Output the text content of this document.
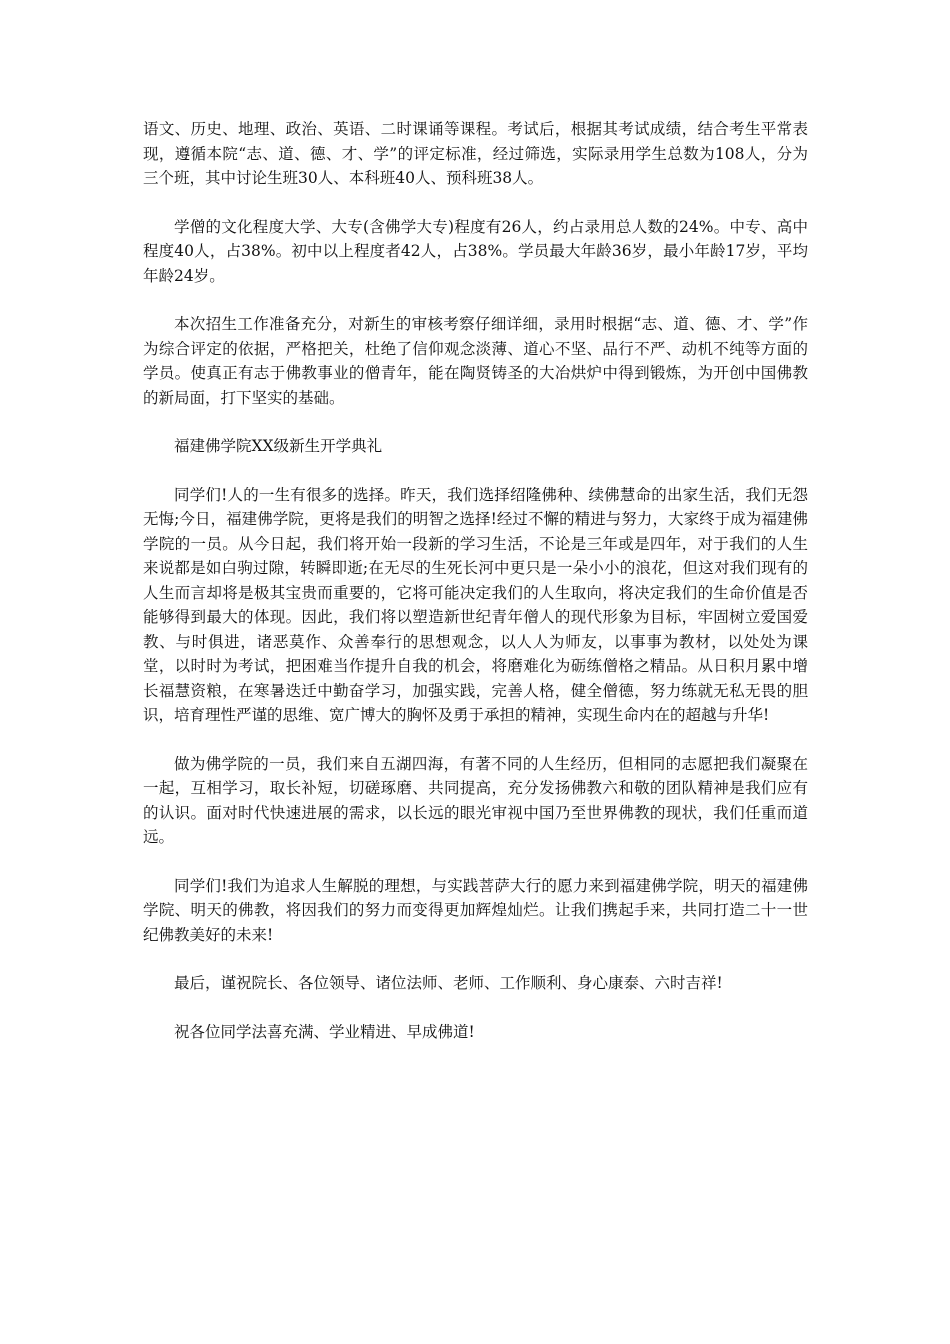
语文、历史、地理、政治、英语、二时课诵等课程。考试后，根据其考试成绩，结合考生平常表现，遵循本院“志、道、德、才、学”的评定标准，经过筛选，实际录用学生总数为108人，分为三个班，其中讨论生班30人、本科班40人、预科班38人。

学僧的文化程度大学、大专(含佛学大专)程度有26人，约占录用总人数的24%。中专、高中程度40人，占38%。初中以上程度者42人，占38%。学员最大年龄36岁，最小年龄17岁，平均年龄24岁。

本次招生工作准备充分，对新生的审核考察仔细详细，录用时根据“志、道、德、才、学”作为综合评定的依据，严格把关，杜绝了信仰观念淡薄、道心不坚、品行不严、动机不纯等方面的学员。使真正有志于佛教事业的僧青年，能在陶贤铸圣的大冶烘炉中得到锻炼，为开创中国佛教的新局面，打下坚实的基础。

福建佛学院XX级新生开学典礼

同学们!人的一生有很多的选择。昨天，我们选择绍隆佛种、续佛慧命的出家生活，我们无怨无悔;今日，福建佛学院，更将是我们的明智之选择!经过不懈的精进与努力，大家终于成为福建佛学院的一员。从今日起，我们将开始一段新的学习生活，不论是三年或是四年，对于我们的人生来说都是如白驹过隙，转瞬即逝;在无尽的生死长河中更只是一朵小小的浪花，但这对我们现有的人生而言却将是极其宝贵而重要的，它将可能决定我们的人生取向，将决定我们的生命价值是否能够得到最大的体现。因此，我们将以塑造新世纪青年僧人的现代形象为目标，牢固树立爱国爱教、与时俱进，诸恶莫作、众善奉行的思想观念，以人人为师友，以事事为教材，以处处为课堂，以时时为考试，把困难当作提升自我的机会，将磨难化为砺练僧格之精品。从日积月累中增长福慧资粮，在寒暑迭迁中勤奋学习，加强实践，完善人格，健全僧德，努力练就无私无畏的胆识，培育理性严谨的思维、宽广博大的胸怀及勇于承担的精神，实现生命内在的超越与升华!

做为佛学院的一员，我们来自五湖四海，有著不同的人生经历，但相同的志愿把我们凝聚在一起，互相学习，取长补短，切磋琢磨、共同提高，充分发扬佛教六和敬的团队精神是我们应有的认识。面对时代快速进展的需求，以长远的眼光审视中国乃至世界佛教的现状，我们任重而道远。

同学们!我们为追求人生解脱的理想，与实践菩萨大行的愿力来到福建佛学院，明天的福建佛学院、明天的佛教，将因我们的努力而变得更加辉煌灿烂。让我们携起手来，共同打造二十一世纪佛教美好的未来!

最后，谨祝院长、各位领导、诸位法师、老师、工作顺利、身心康泰、六时吉祥!

祝各位同学法喜充满、学业精进、早成佛道!
